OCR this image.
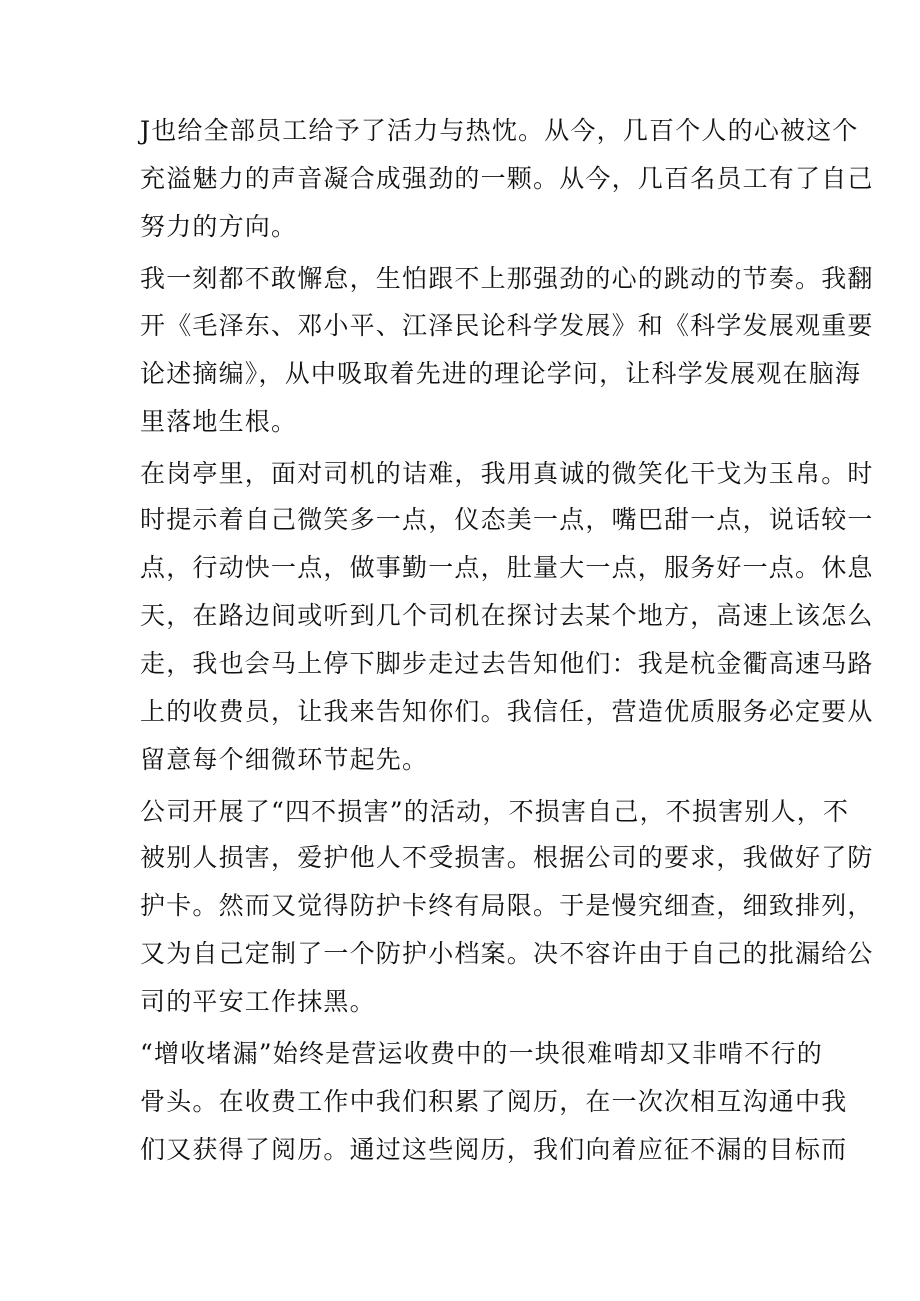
J也给全部员工给予了活力与热忱。从今，几百个人的心被这个
充溢魅力的声音凝合成强劲的一颗。从今，几百名员工有了自己
努力的方向。
我一刻都不敢懈怠，生怕跟不上那强劲的心的跳动的节奏。我翻
开《毛泽东、邓小平、江泽民论科学发展》和《科学发展观重要
论述摘编》，从中吸取着先进的理论学问，让科学发展观在脑海
里落地生根。
在岗亭里，面对司机的诘难，我用真诚的微笑化干戈为玉帛。时
时提示着自己微笑多一点，仪态美一点，嘴巴甜一点，说话较一
点，行动快一点，做事勤一点，肚量大一点，服务好一点。休息
天，在路边间或听到几个司机在探讨去某个地方，高速上该怎么
走，我也会马上停下脚步走过去告知他们：我是杭金衢高速马路
上的收费员，让我来告知你们。我信任，营造优质服务必定要从
留意每个细微环节起先。
公司开展了“四不损害”的活动，不损害自己，不损害别人，不
被别人损害，爱护他人不受损害。根据公司的要求，我做好了防
护卡。然而又觉得防护卡终有局限。于是慢究细查，细致排列，
又为自己定制了一个防护小档案。决不容许由于自己的批漏给公
司的平安工作抹黑。
“增收堵漏”始终是营运收费中的一块很难啃却又非啃不行的
骨头。在收费工作中我们积累了阅历，在一次次相互沟通中我
们又获得了阅历。通过这些阅历，我们向着应征不漏的目标而
